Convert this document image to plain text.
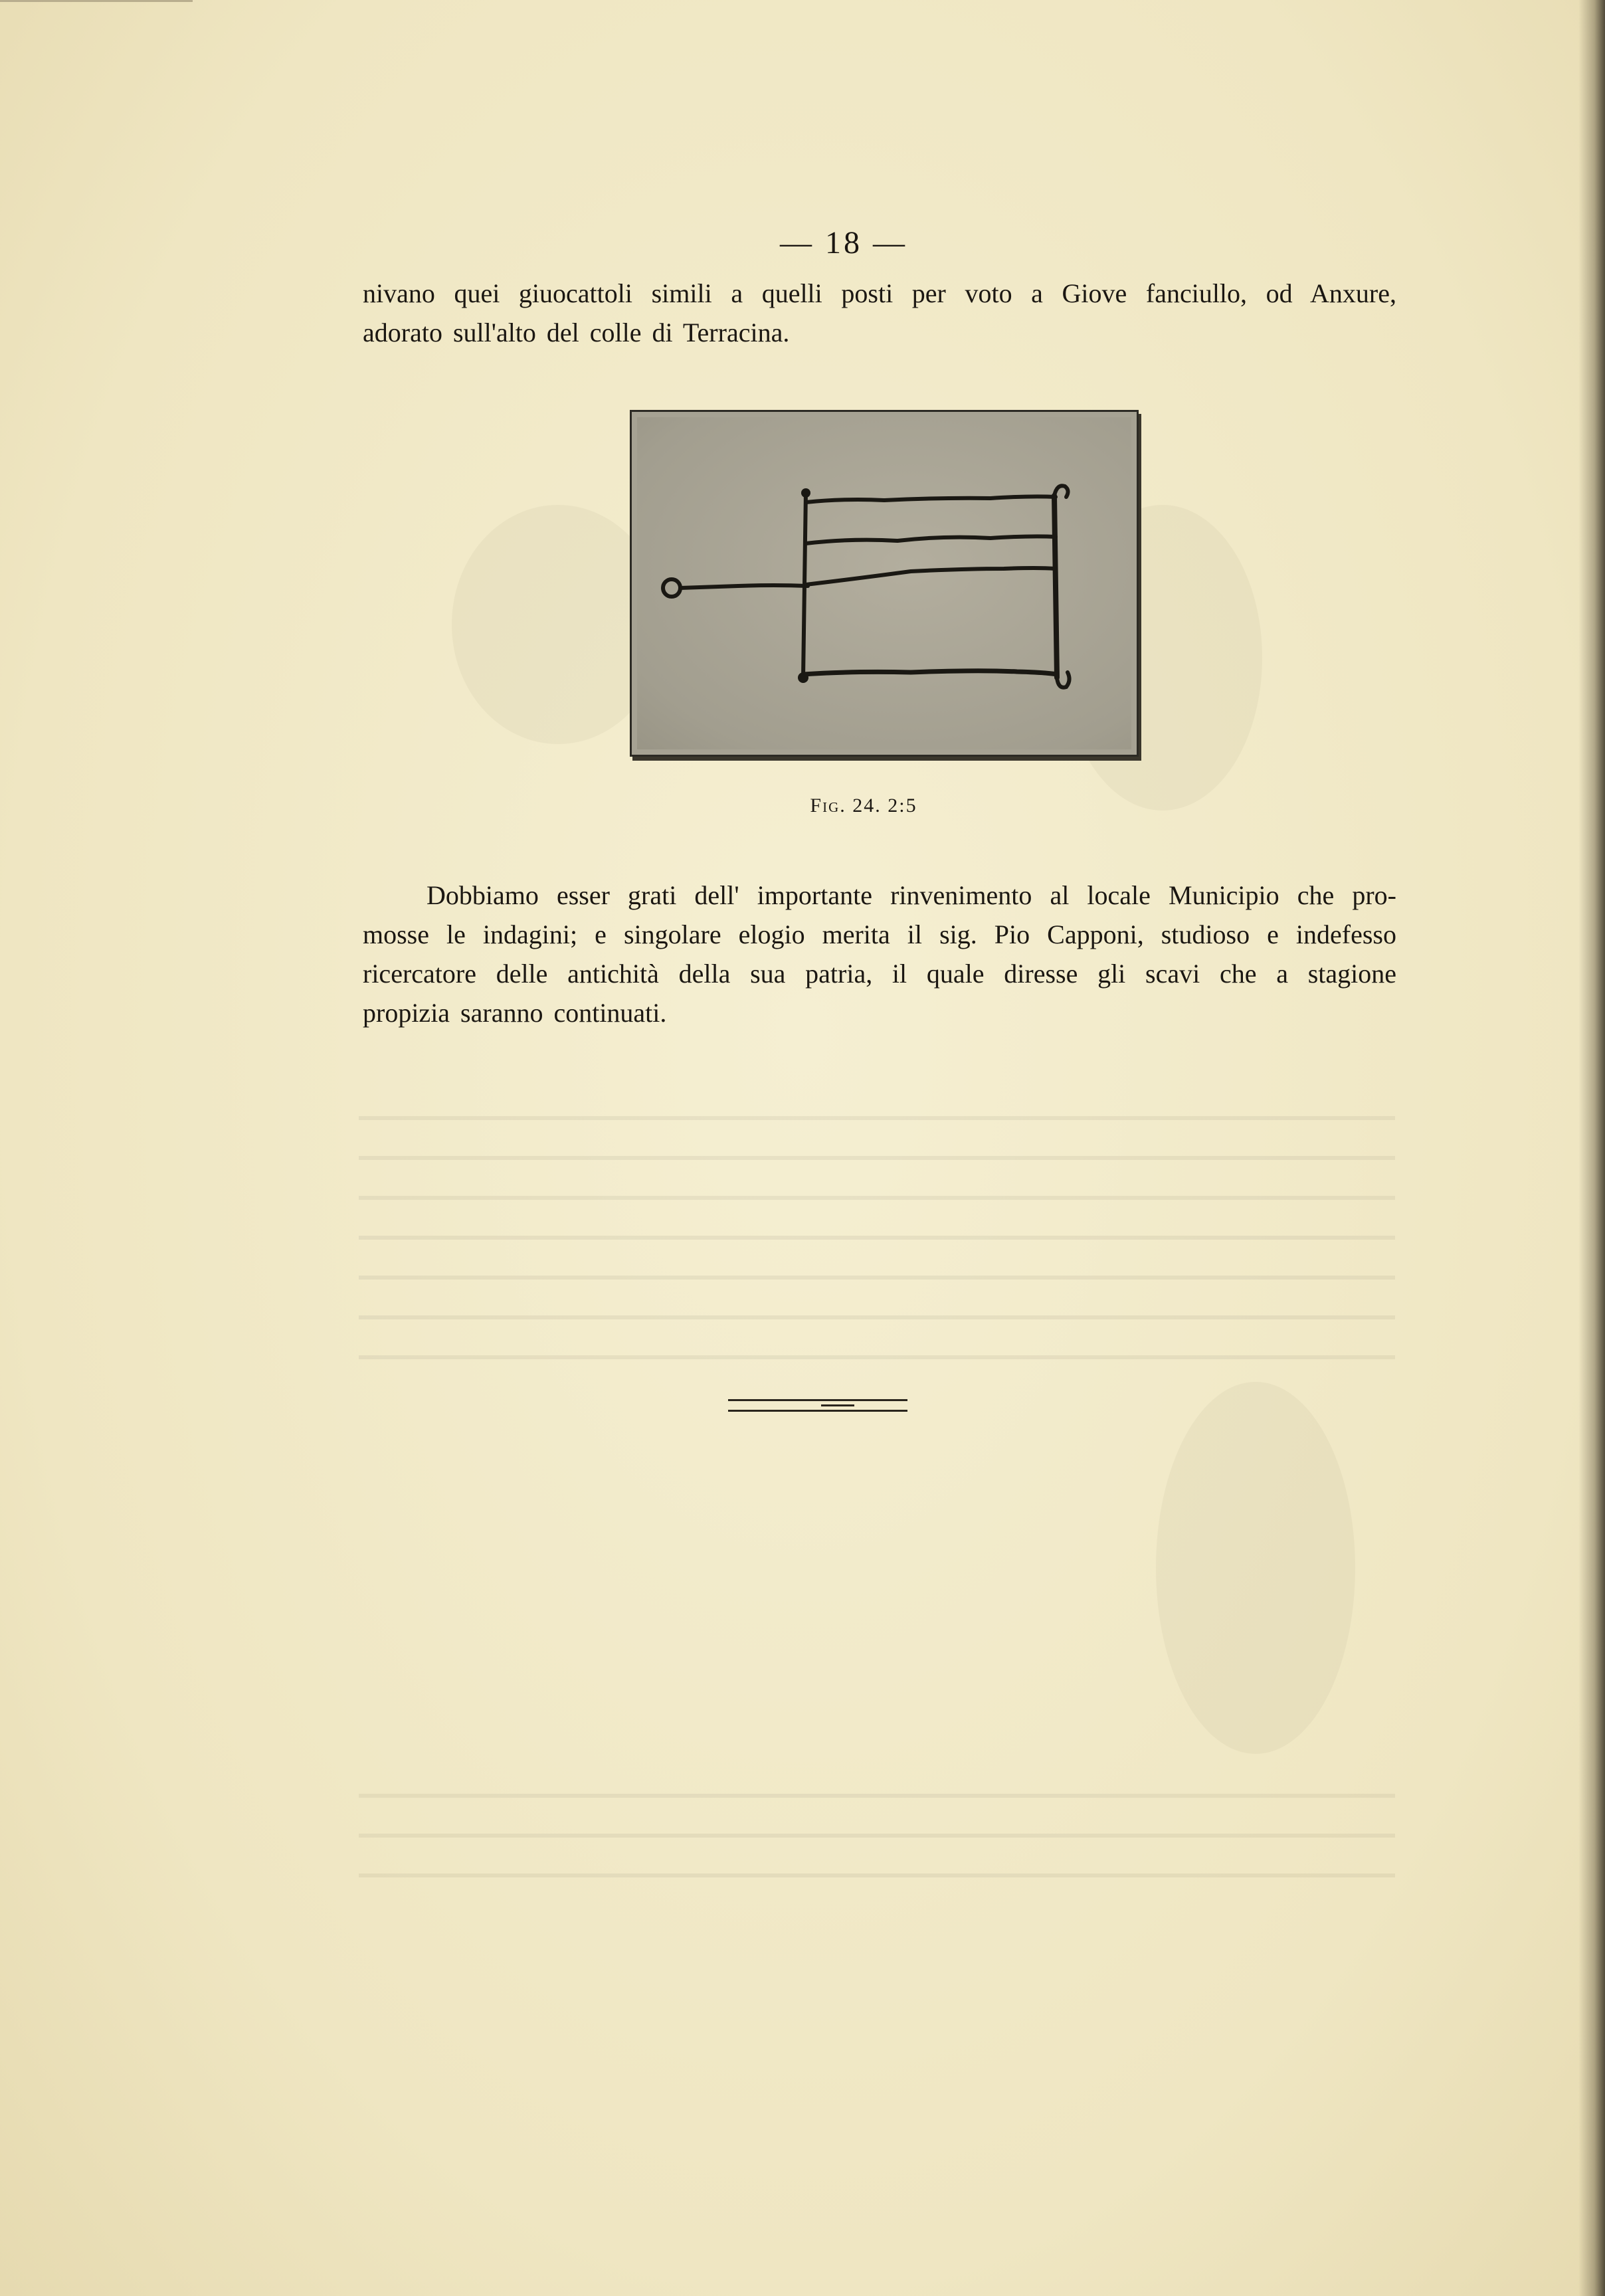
— 18 —
nivano quei giuocattoli simili a quelli posti per voto a Giove fanciullo, od Anxure,
adorato sull'alto del colle di Terracina.
Fig. 24. 2:5
Dobbiamo esser grati dell' importante rinvenimento al locale Municipio che pro-
mosse le indagini; e singolare elogio merita il sig. Pio Capponi, studioso e indefesso
ricercatore delle antichità della sua patria, il quale diresse gli scavi che a stagione
propizia saranno continuati.
